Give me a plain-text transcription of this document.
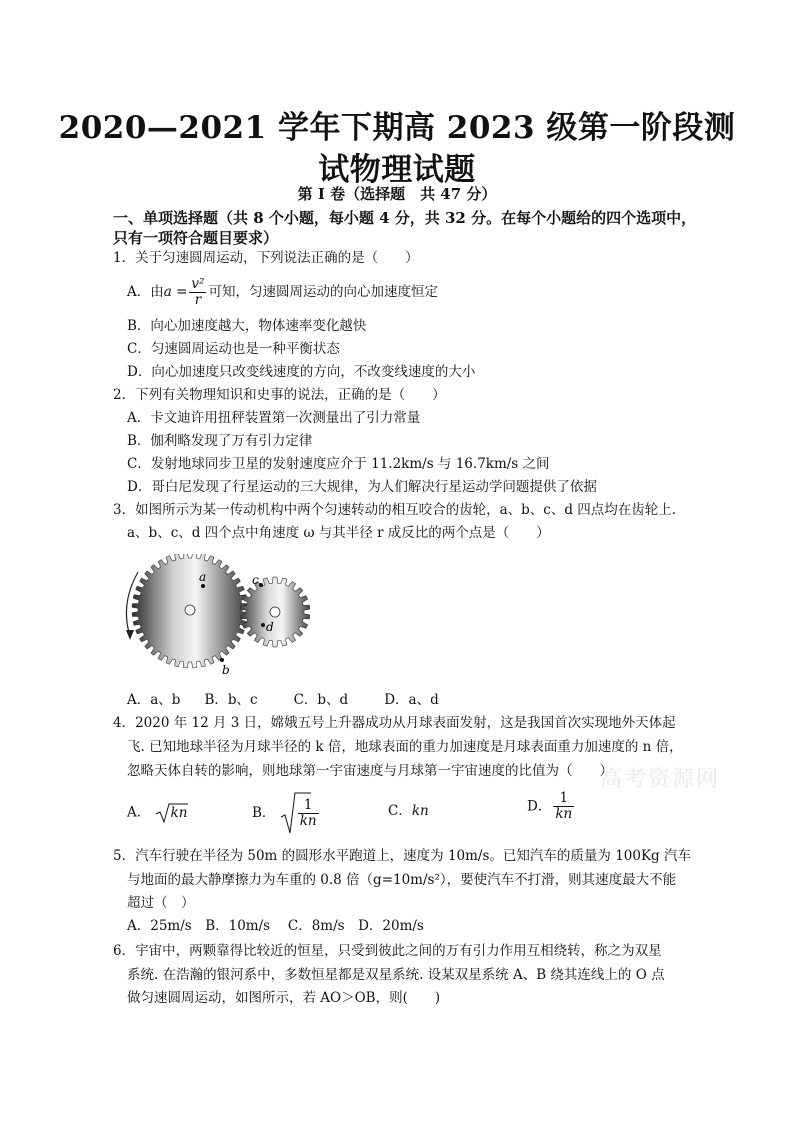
2020—2021 学年下期高 2023 级第一阶段测
试物理试题
第 Ⅰ 卷（选择题　共 47 分）
一、单项选择题（共 8 个小题，每小题 4 分，共 32 分。在每个小题给的四个选项中，　只有一项符合题目要求）
1．关于匀速圆周运动，下列说法正确的是（　　）
A．由$a = \frac{\text{v²}}{r}$ 可知，匀速圆周运动的向心加速度恒定
B．向心加速度越大，物体速率变化越快
C．匀速圆周运动也是一种平衡状态
D．向心加速度只改变线速度的方向，不改变线速度的大小
2．下列有关物理知识和史事的说法，正确的是（　　）
A．卡文迪许用扭秤装置第一次测量出了引力常量
B．伽利略发现了万有引力定律
C．发射地球同步卫星的发射速度应介于 11.2km/s 与 16.7km/s 之间
D．哥白尼发现了行星运动的三大规律，为人们解决行星运动学问题提供了依据
3．如图所示为某一传动机构中两个匀速转动的相互咬合的齿轮，a、b、c、d 四点均在齿轮上.
a、b、c、d 四个点中角速度 ω 与其半径 r 成反比的两个点是（　　）
a
b
c
d
A．a、b B．b、c	C．b、d	D．a、d
4．2020 年 12 月 3 日，嫦娥五号上升器成功从月球表面发射，这是我国首次实现地外天体起
飞. 已知地球半径为月球半径的 k 倍，地球表面的重力加速度是月球表面重力加速度的 n 倍，
忽略天体自转的影响，则地球第一宇宙速度与月球第一宇宙速度的比值为（　　）
A． kn	B． $\frac{1}{kn}$	C．kn	D． $\frac{1}{kn}$
高考资源网
5．汽车行驶在半径为 50m 的圆形水平跑道上，速度为 10m/s。已知汽车的质量为 100Kg 汽车
与地面的最大静摩擦力为车重的 0.8 倍（g=10m/s²），要使汽车不打滑，则其速度最大不能
超过（　）
A．25m/s　B．10m/s　 C．8m/s　D．20m/s
6．宇宙中，两颗靠得比较近的恒星，只受到彼此之间的万有引力作用互相绕转，称之为双星
系统. 在浩瀚的银河系中，多数恒星都是双星系统. 设某双星系统 A、B 绕其连线上的 O 点
做匀速圆周运动，如图所示，若 AO＞OB，则(　　)
